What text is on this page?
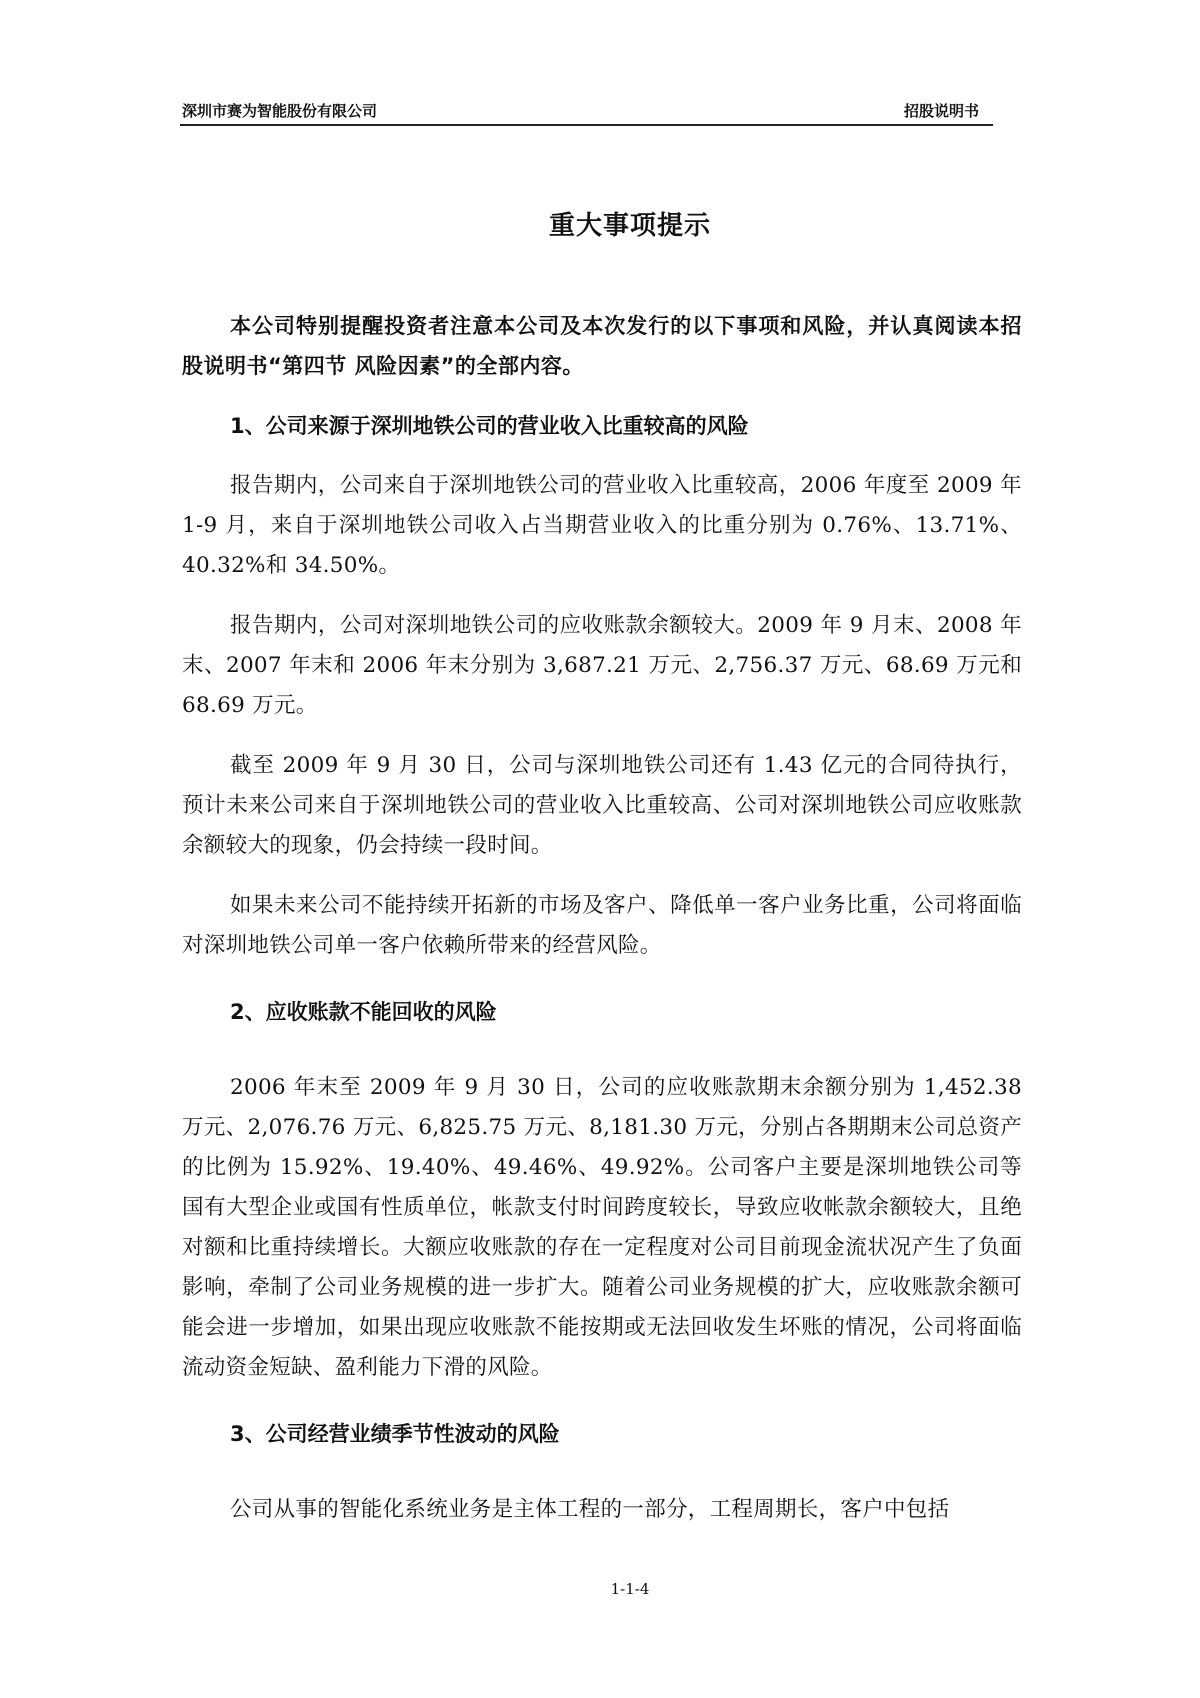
深圳市赛为智能股份有限公司	招股说明书
重大事项提示

本公司特别提醒投资者注意本公司及本次发行的以下事项和风险，并认真阅读本招股说明书“第四节 风险因素”的全部内容。

1、公司来源于深圳地铁公司的营业收入比重较高的风险

报告期内，公司来自于深圳地铁公司的营业收入比重较高，2006 年度至 2009 年 1-9 月，来自于深圳地铁公司收入占当期营业收入的比重分别为 0.76%、13.71%、40.32%和 34.50%。

报告期内，公司对深圳地铁公司的应收账款余额较大。2009 年 9 月末、2008 年末、2007 年末和 2006 年末分别为 3,687.21 万元、2,756.37 万元、68.69 万元和 68.69 万元。

截至 2009 年 9 月 30 日，公司与深圳地铁公司还有 1.43 亿元的合同待执行，预计未来公司来自于深圳地铁公司的营业收入比重较高、公司对深圳地铁公司应收账款余额较大的现象，仍会持续一段时间。

如果未来公司不能持续开拓新的市场及客户、降低单一客户业务比重，公司将面临对深圳地铁公司单一客户依赖所带来的经营风险。

2、应收账款不能回收的风险

2006 年末至 2009 年 9 月 30 日，公司的应收账款期末余额分别为 1,452.38 万元、2,076.76 万元、6,825.75 万元、8,181.30 万元，分别占各期期末公司总资产的比例为 15.92%、19.40%、49.46%、49.92%。公司客户主要是深圳地铁公司等国有大型企业或国有性质单位，帐款支付时间跨度较长，导致应收帐款余额较大，且绝对额和比重持续增长。大额应收账款的存在一定程度对公司目前现金流状况产生了负面影响，牵制了公司业务规模的进一步扩大。随着公司业务规模的扩大，应收账款余额可能会进一步增加，如果出现应收账款不能按期或无法回收发生坏账的情况，公司将面临流动资金短缺、盈利能力下滑的风险。

3、公司经营业绩季节性波动的风险

公司从事的智能化系统业务是主体工程的一部分，工程周期长，客户中包括

1-1-4
